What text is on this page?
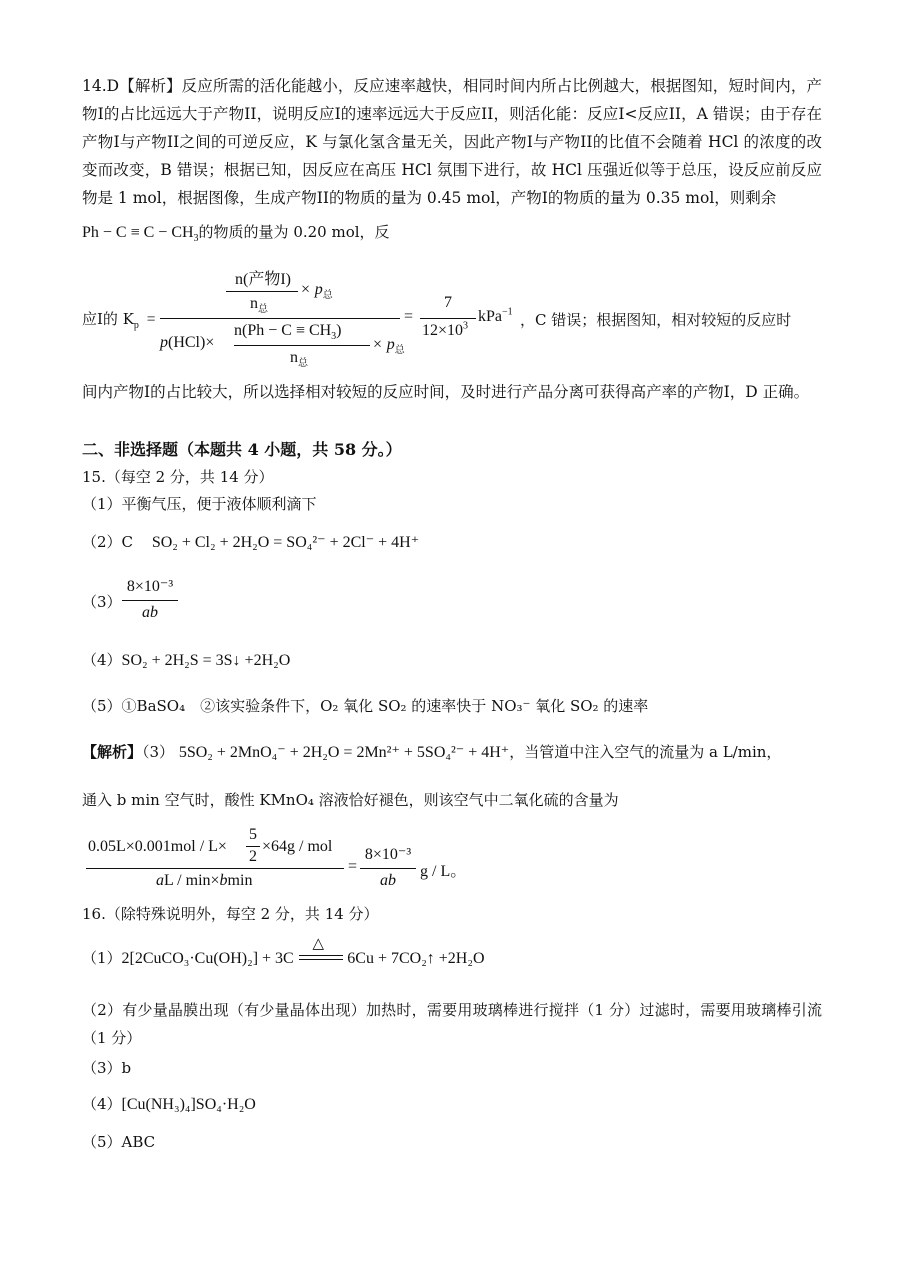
14.D【解析】反应所需的活化能越小，反应速率越快，相同时间内所占比例越大，根据图知，短时间内，产物I的占比远远大于产物II，说明反应I的速率远远大于反应II，则活化能：反应I<反应II，A 错误；由于存在产物I与产物II之间的可逆反应，K 与氯化氢含量无关，因此产物I与产物II的比值不会随着 HCl 的浓度的改变而改变，B 错误；根据已知，因反应在高压 HCl 氛围下进行，故 HCl 压强近似等于总压，设反应前反应物是 1 mol，根据图像，生成产物II的物质的量为 0.45 mol，产物I的物质的量为 0.35 mol，则剩余
$Ph - C \equiv C - CH_3$的物质的量为 0.20 mol，反
应I的 $K_p$ =
n(产物I)
$n_总$
× $p_总$
p(HCl)×
$n(Ph - C \equiv CH_3)$
$n_总$
× $p_总$
=
7
$12\times 10^3$
kPa$^{-1}$ ，C 错误；根据图知，相对较短的反应时
间内产物I的占比较大，所以选择相对较短的反应时间，及时进行产品分离可获得高产率的产物I，D 正确。
二、非选择题（本题共 4 小题，共 58 分。）
15.（每空 2 分，共 14 分）
（1）平衡气压，便于液体顺利滴下
（2）C SO₂ + Cl₂ + 2H₂O = SO₄²⁻ + 2Cl⁻ + 4H⁺
（3）
8×10⁻³
ab
（4）SO₂ + 2H₂S = 3S↓ +2H₂O
（5）①BaSO₄　②该实验条件下，O₂ 氧化 SO₂ 的速率快于 NO₃⁻ 氧化 SO₂ 的速率
【解析】（3） 5SO₂ + 2MnO₄⁻ + 2H₂O = 2Mn²⁺ + 5SO₄²⁻ + 4H⁺，当管道中注入空气的流量为 a L/min，
通入 b min 空气时，酸性 KMnO₄ 溶液恰好褪色，则该空气中二氧化硫的含量为
0.05L×0.001mol / L×
5
2
×64g / mol
aL / min×bmin
=
8×10⁻³
ab
g / L。
16.（除特殊说明外，每空 2 分，共 14 分）
（1）2[2CuCO₃·Cu(OH)₂] + 3C
△
6Cu + 7CO₂↑ +2H₂O
（2）有少量晶膜出现（有少量晶体出现）加热时，需要用玻璃棒进行搅拌（1 分）过滤时，需要用玻璃棒引流（1 分）
（3）b
（4）[Cu(NH₃)₄]SO₄·H₂O
（5）ABC
